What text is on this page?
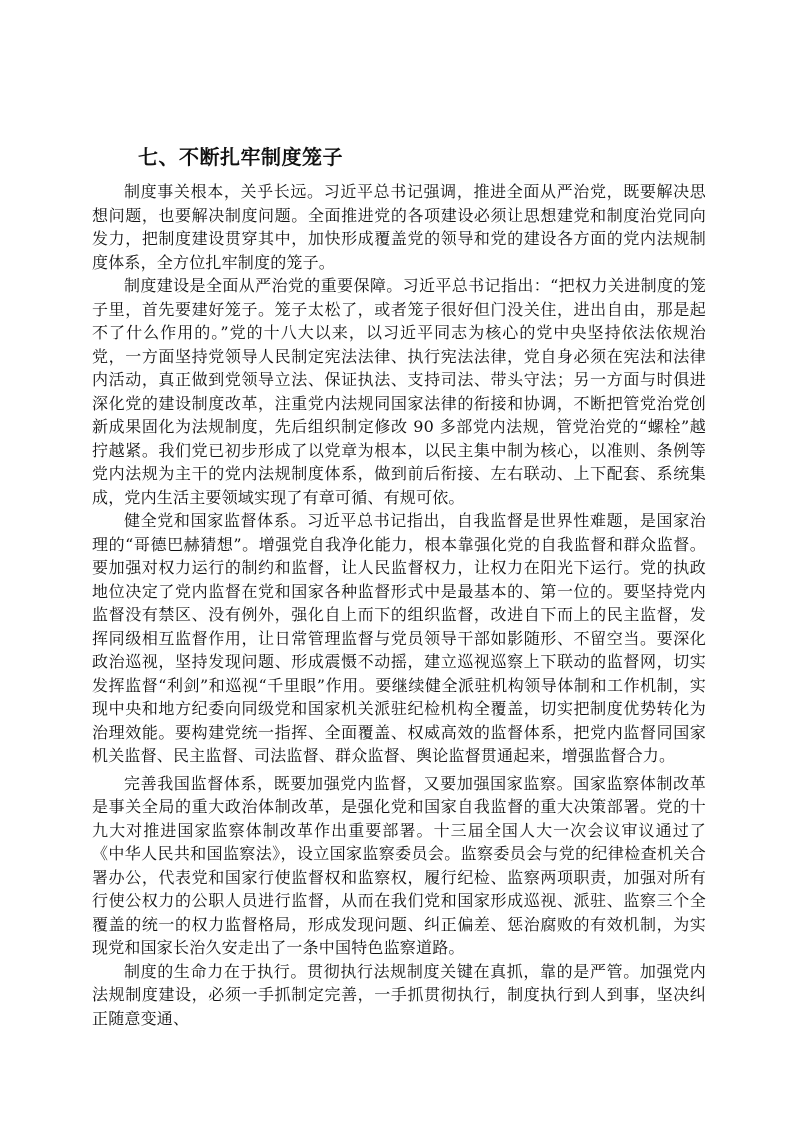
七、不断扎牢制度笼子

制度事关根本，关乎长远。习近平总书记强调，推进全面从严治党，既要解决思想问题，也要解决制度问题。全面推进党的各项建设必须让思想建党和制度治党同向发力，把制度建设贯穿其中，加快形成覆盖党的领导和党的建设各方面的党内法规制度体系，全方位扎牢制度的笼子。

制度建设是全面从严治党的重要保障。习近平总书记指出：“把权力关进制度的笼子里，首先要建好笼子。笼子太松了，或者笼子很好但门没关住，进出自由，那是起不了什么作用的。”党的十八大以来，以习近平同志为核心的党中央坚持依法依规治党，一方面坚持党领导人民制定宪法法律、执行宪法法律，党自身必须在宪法和法律内活动，真正做到党领导立法、保证执法、支持司法、带头守法；另一方面与时俱进深化党的建设制度改革，注重党内法规同国家法律的衔接和协调，不断把管党治党创新成果固化为法规制度，先后组织制定修改 90 多部党内法规，管党治党的“螺栓”越拧越紧。我们党已初步形成了以党章为根本，以民主集中制为核心，以准则、条例等党内法规为主干的党内法规制度体系，做到前后衔接、左右联动、上下配套、系统集成，党内生活主要领域实现了有章可循、有规可依。

健全党和国家监督体系。习近平总书记指出，自我监督是世界性难题，是国家治理的“哥德巴赫猜想”。增强党自我净化能力，根本靠强化党的自我监督和群众监督。要加强对权力运行的制约和监督，让人民监督权力，让权力在阳光下运行。党的执政地位决定了党内监督在党和国家各种监督形式中是最基本的、第一位的。要坚持党内监督没有禁区、没有例外，强化自上而下的组织监督，改进自下而上的民主监督，发挥同级相互监督作用，让日常管理监督与党员领导干部如影随形、不留空当。要深化政治巡视，坚持发现问题、形成震慑不动摇，建立巡视巡察上下联动的监督网，切实发挥监督“利剑”和巡视“千里眼”作用。要继续健全派驻机构领导体制和工作机制，实现中央和地方纪委向同级党和国家机关派驻纪检机构全覆盖，切实把制度优势转化为治理效能。要构建党统一指挥、全面覆盖、权威高效的监督体系，把党内监督同国家机关监督、民主监督、司法监督、群众监督、舆论监督贯通起来，增强监督合力。

完善我国监督体系，既要加强党内监督，又要加强国家监察。国家监察体制改革是事关全局的重大政治体制改革，是强化党和国家自我监督的重大决策部署。党的十九大对推进国家监察体制改革作出重要部署。十三届全国人大一次会议审议通过了《中华人民共和国监察法》，设立国家监察委员会。监察委员会与党的纪律检查机关合署办公，代表党和国家行使监督权和监察权，履行纪检、监察两项职责，加强对所有行使公权力的公职人员进行监督，从而在我们党和国家形成巡视、派驻、监察三个全覆盖的统一的权力监督格局，形成发现问题、纠正偏差、惩治腐败的有效机制，为实现党和国家长治久安走出了一条中国特色监察道路。

制度的生命力在于执行。贯彻执行法规制度关键在真抓，靠的是严管。加强党内法规制度建设，必须一手抓制定完善，一手抓贯彻执行，制度执行到人到事，坚决纠正随意变通、
